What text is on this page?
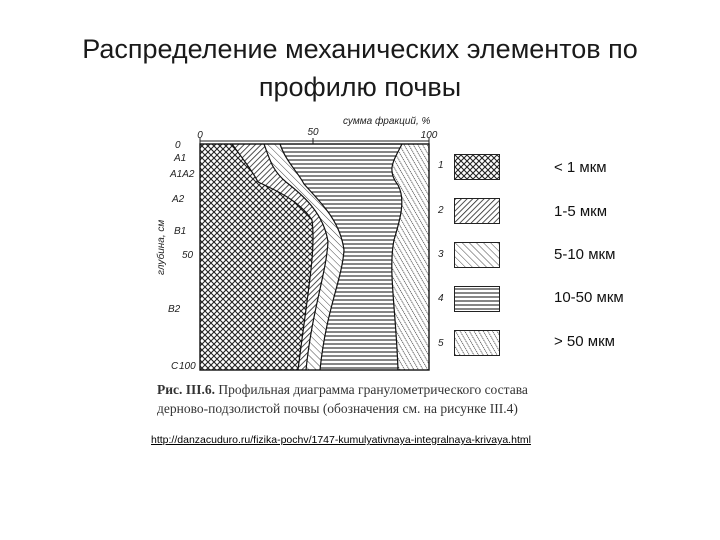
Распределение механических элементов по
профилю почвы
сумма фракций, %
0	50	100
0
A1
A1A2
A2
B1
50
B2
C 100
глубина, см
1	< 1 мкм
2	1-5 мкм
3	5-10 мкм
4	10-50 мкм
5	> 50 мкм
Рис. III.6. Профильная диаграмма гранулометрического состава
дерново-подзолистой почвы (обозначения см. на рисунке III.4)
http://danzacuduro.ru/fizika-pochv/1747-kumulyativnaya-integralnaya-krivaya.html
